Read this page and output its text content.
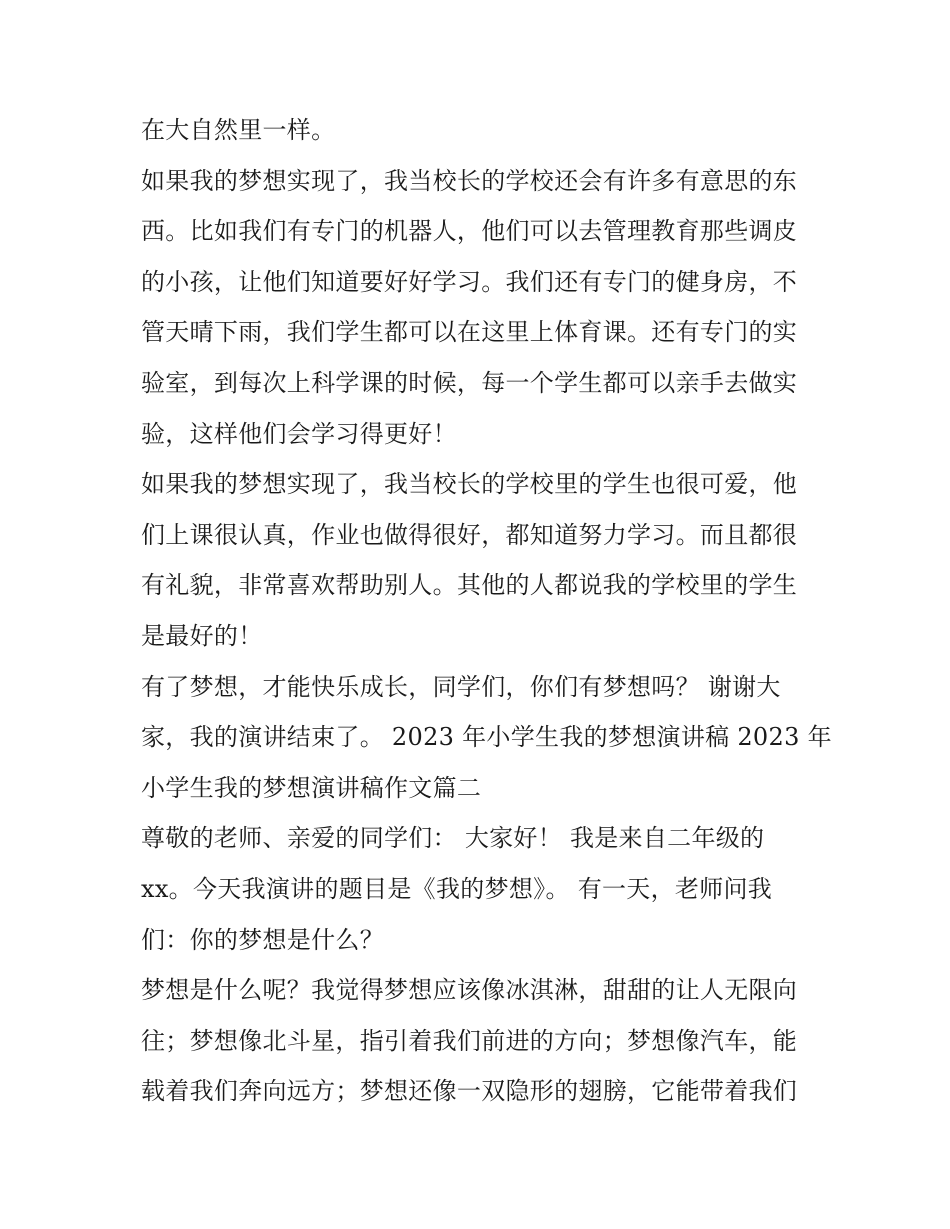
在大自然里一样。
如果我的梦想实现了，我当校长的学校还会有许多有意思的东
西。比如我们有专门的机器人，他们可以去管理教育那些调皮
的小孩，让他们知道要好好学习。我们还有专门的健身房，不
管天晴下雨，我们学生都可以在这里上体育课。还有专门的实
验室，到每次上科学课的时候，每一个学生都可以亲手去做实
验，这样他们会学习得更好！
如果我的梦想实现了，我当校长的学校里的学生也很可爱，他
们上课很认真，作业也做得很好，都知道努力学习。而且都很
有礼貌，非常喜欢帮助别人。其他的人都说我的学校里的学生
是最好的！
有了梦想，才能快乐成长，同学们，你们有梦想吗？ 谢谢大
家，我的演讲结束了。 2023 年小学生我的梦想演讲稿 2023 年
小学生我的梦想演讲稿作文篇二
尊敬的老师、亲爱的同学们： 大家好！ 我是来自二年级的
xx。今天我演讲的题目是《我的梦想》。 有一天，老师问我
们：你的梦想是什么？
梦想是什么呢？我觉得梦想应该像冰淇淋，甜甜的让人无限向
往；梦想像北斗星，指引着我们前进的方向；梦想像汽车，能
载着我们奔向远方；梦想还像一双隐形的翅膀，它能带着我们
